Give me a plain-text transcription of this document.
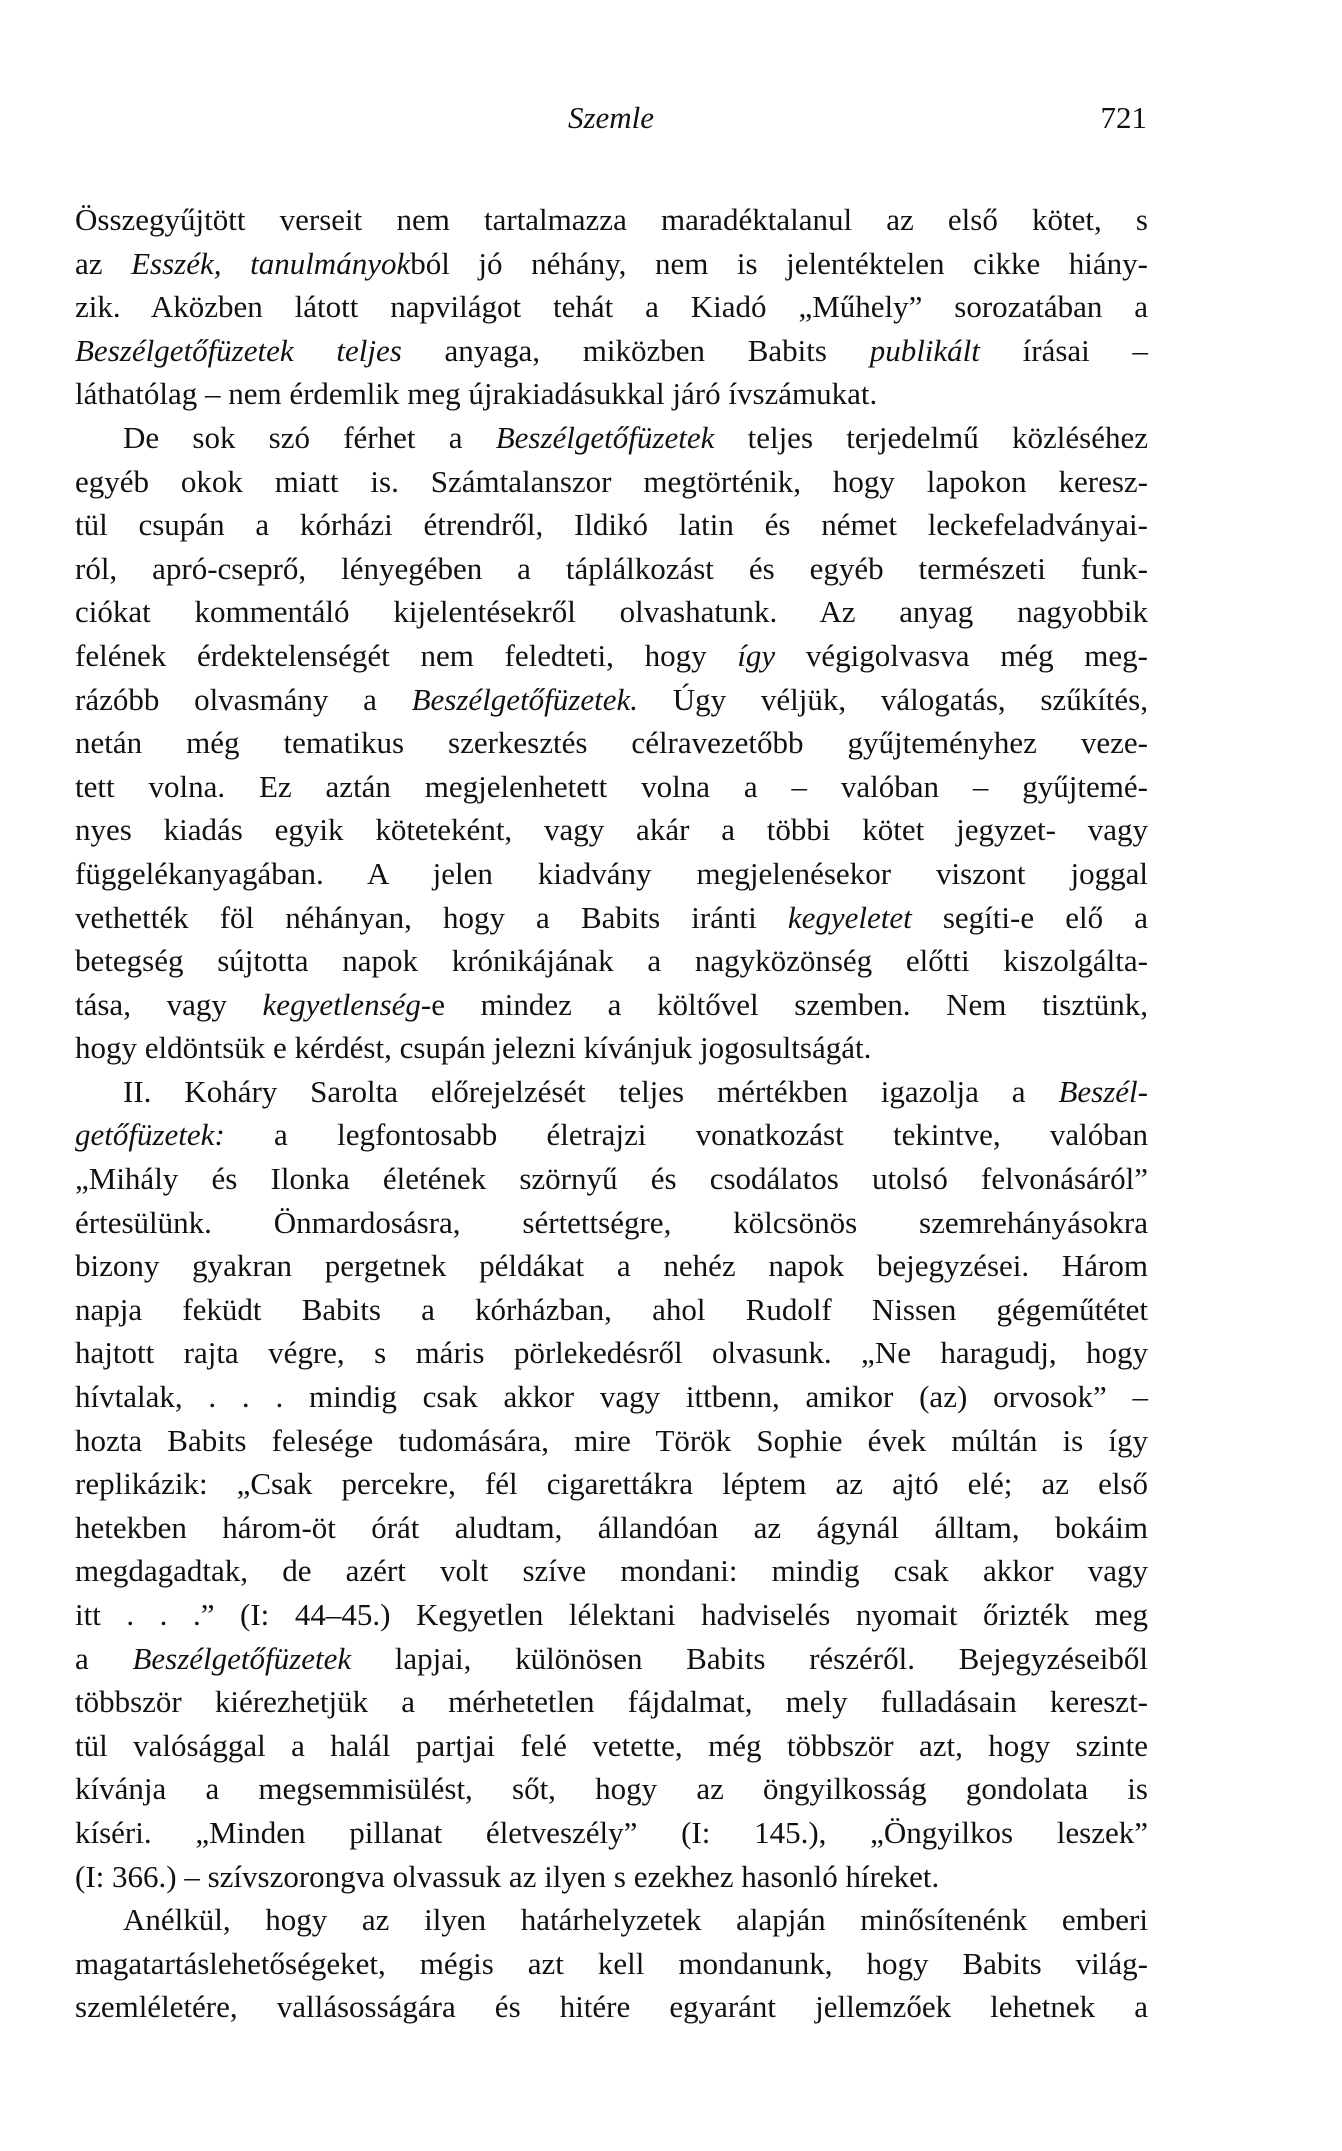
Szemle	721
Összegyűjtött verseit nem tartalmazza maradéktalanul az első kötet, s
az Esszék, tanulmányokból jó néhány, nem is jelentéktelen cikke hiány-
zik. Aközben látott napvilágot tehát a Kiadó „Műhely” sorozatában a
Beszélgetőfüzetek teljes anyaga, miközben Babits publikált írásai –
láthatólag – nem érdemlik meg újrakiadásukkal járó ívszámukat.
De sok szó férhet a Beszélgetőfüzetek teljes terjedelmű közléséhez
egyéb okok miatt is. Számtalanszor megtörténik, hogy lapokon keresz-
tül csupán a kórházi étrendről, Ildikó latin és német leckefeladványai-
ról, apró-cseprő, lényegében a táplálkozást és egyéb természeti funk-
ciókat kommentáló kijelentésekről olvashatunk. Az anyag nagyobbik
felének érdektelenségét nem feledteti, hogy így végigolvasva még meg-
rázóbb olvasmány a Beszélgetőfüzetek. Úgy véljük, válogatás, szűkítés,
netán még tematikus szerkesztés célravezetőbb gyűjteményhez veze-
tett volna. Ez aztán megjelenhetett volna a – valóban – gyűjtemé-
nyes kiadás egyik köteteként, vagy akár a többi kötet jegyzet- vagy
függelékanyagában. A jelen kiadvány megjelenésekor viszont joggal
vethették föl néhányan, hogy a Babits iránti kegyeletet segíti-e elő a
betegség sújtotta napok krónikájának a nagyközönség előtti kiszolgálta-
tása, vagy kegyetlenség-e mindez a költővel szemben. Nem tisztünk,
hogy eldöntsük e kérdést, csupán jelezni kívánjuk jogosultságát.
II. Koháry Sarolta előrejelzését teljes mértékben igazolja a Beszél-
getőfüzetek: a legfontosabb életrajzi vonatkozást tekintve, valóban
„Mihály és Ilonka életének szörnyű és csodálatos utolsó felvonásáról”
értesülünk. Önmardosásra, sértettségre, kölcsönös szemrehányásokra
bizony gyakran pergetnek példákat a nehéz napok bejegyzései. Három
napja feküdt Babits a kórházban, ahol Rudolf Nissen gégeműtétet
hajtott rajta végre, s máris pörlekedésről olvasunk. „Ne haragudj, hogy
hívtalak, . . . mindig csak akkor vagy ittbenn, amikor (az) orvosok” –
hozta Babits felesége tudomására, mire Török Sophie évek múltán is így
replikázik: „Csak percekre, fél cigarettákra léptem az ajtó elé; az első
hetekben három-öt órát aludtam, állandóan az ágynál álltam, bokáim
megdagadtak, de azért volt szíve mondani: mindig csak akkor vagy
itt . . .” (I: 44–45.) Kegyetlen lélektani hadviselés nyomait őrizték meg
a Beszélgetőfüzetek lapjai, különösen Babits részéről. Bejegyzéseiből
többször kiérezhetjük a mérhetetlen fájdalmat, mely fulladásain kereszt-
tül valósággal a halál partjai felé vetette, még többször azt, hogy szinte
kívánja a megsemmisülést, sőt, hogy az öngyilkosság gondolata is
kíséri. „Minden pillanat életveszély” (I: 145.), „Öngyilkos leszek”
(I: 366.) – szívszorongva olvassuk az ilyen s ezekhez hasonló híreket.
Anélkül, hogy az ilyen határhelyzetek alapján minősítenénk emberi
magatartáslehetőségeket, mégis azt kell mondanunk, hogy Babits világ-
szemléletére, vallásosságára és hitére egyaránt jellemzőek lehetnek a
